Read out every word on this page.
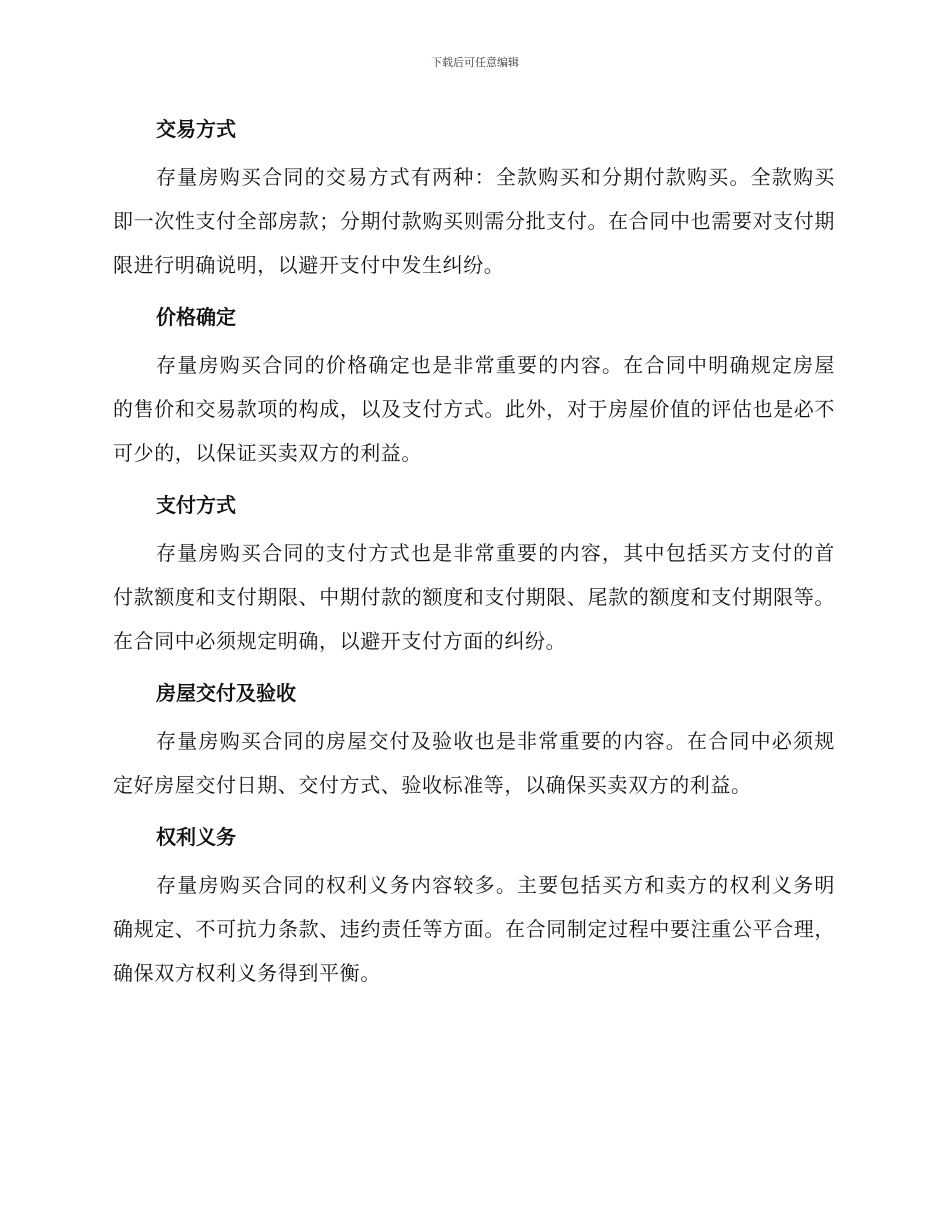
下载后可任意编辑
交易方式

存量房购买合同的交易方式有两种：全款购买和分期付款购买。全款购买即一次性支付全部房款；分期付款购买则需分批支付。在合同中也需要对支付期限进行明确说明，以避开支付中发生纠纷。

价格确定

存量房购买合同的价格确定也是非常重要的内容。在合同中明确规定房屋的售价和交易款项的构成，以及支付方式。此外，对于房屋价值的评估也是必不可少的，以保证买卖双方的利益。

支付方式

存量房购买合同的支付方式也是非常重要的内容，其中包括买方支付的首付款额度和支付期限、中期付款的额度和支付期限、尾款的额度和支付期限等。在合同中必须规定明确，以避开支付方面的纠纷。

房屋交付及验收

存量房购买合同的房屋交付及验收也是非常重要的内容。在合同中必须规定好房屋交付日期、交付方式、验收标准等，以确保买卖双方的利益。

权利义务

存量房购买合同的权利义务内容较多。主要包括买方和卖方的权利义务明确规定、不可抗力条款、违约责任等方面。在合同制定过程中要注重公平合理，确保双方权利义务得到平衡。
